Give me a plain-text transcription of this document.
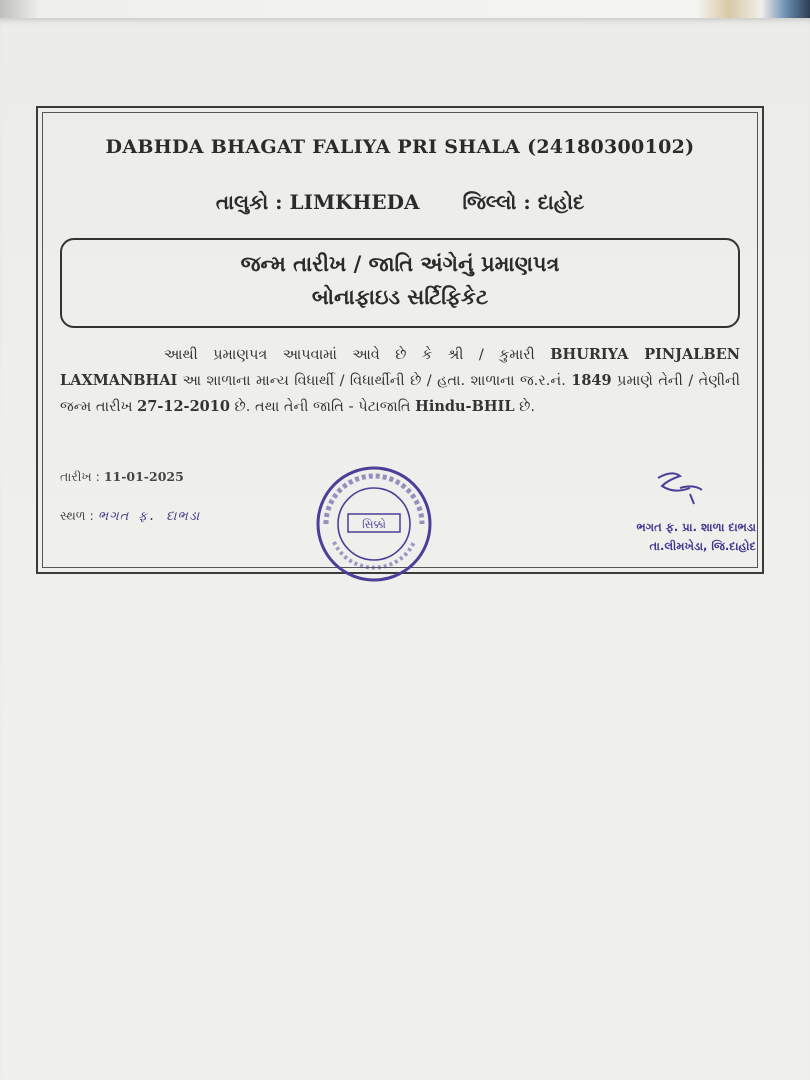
DABHDA BHAGAT FALIYA PRI SHALA (24180300102)
તાલુકો : LIMKHEDA જિલ્લો : દાહોદ
જન્મ તારીખ / જાતિ અંગેનું પ્રમાણપત્ર
બોનાફાઇડ સર્ટિફિકેટ
આથી પ્રમાણપત્ર આપવામાં આવે છે કે શ્રી / કુમારી BHURIYA PINJALBEN LAXMANBHAI આ શાળાના માન્ય વિધાર્થી / વિધાર્થીની છે / હતા. શાળાના જ.ર.નં. 1849 પ્રમાણે તેની / તેણીની જન્મ તારીખ 27-12-2010 છે. તથા તેની જાતિ - પેટાજાતિ Hindu-BHIL છે.
તારીખ : 11-01-2025
સ્થળ : ભગત ફ. દાભડા
સિક્કો	ભગત ફ. પ્રા. શાળા દાભડા
તા.લીમખેડા, જિ.દાહોદ
